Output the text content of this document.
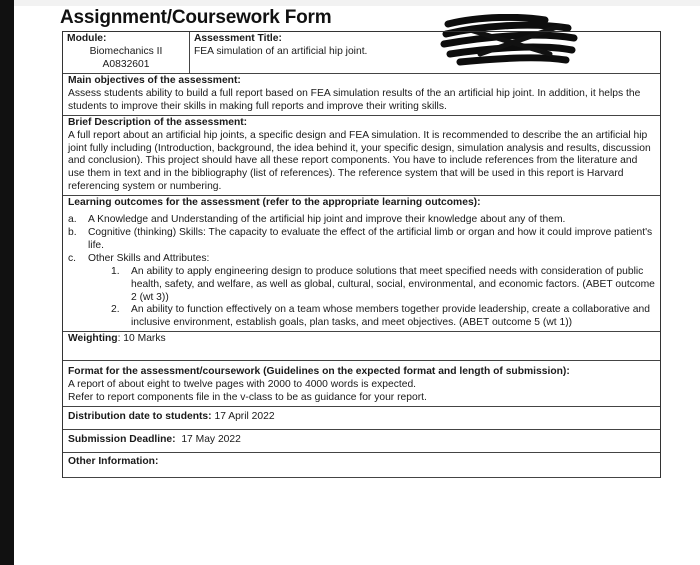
Assignment/Coursework Form
Module:
Biomechanics II
A0832601
Assessment Title:
FEA simulation of an artificial hip joint.
Main objectives of the assessment:
Assess students ability to build a full report based on FEA simulation results of the an artificial hip joint. In addition, it helps the students to improve their skills in making full reports and improve their writing skills.
Brief Description of the assessment:
A full report about an artificial hip joints, a specific design and FEA simulation. It is recommended to describe the an artificial hip joint fully including (Introduction, background, the idea behind it, your specific design, simulation analysis and results, discussion and conclusion). This project should have all these report components. You have to include references from the literature and use them in text and in the bibliography (list of references). The reference system that will be used in this report is Harvard referencing system or numbering.
Learning outcomes for the assessment (refer to the appropriate learning outcomes):
a. A Knowledge and Understanding of the artificial hip joint and improve their knowledge about any of them.
b. Cognitive (thinking) Skills: The capacity to evaluate the effect of the artificial limb or organ and how it could improve patient's life.
c. Other Skills and Attributes:
1. An ability to apply engineering design to produce solutions that meet specified needs with consideration of public health, safety, and welfare, as well as global, cultural, social, environmental, and economic factors. (ABET outcome 2 (wt 3))
2. An ability to function effectively on a team whose members together provide leadership, create a collaborative and inclusive environment, establish goals, plan tasks, and meet objectives. (ABET outcome 5 (wt 1))
Weighting: 10 Marks
Format for the assessment/coursework (Guidelines on the expected format and length of submission):
A report of about eight to twelve pages with 2000 to 4000 words is expected.
Refer to report components file in the v-class to be as guidance for your report.
Distribution date to students: 17 April 2022
Submission Deadline: 17 May 2022
Other Information:
